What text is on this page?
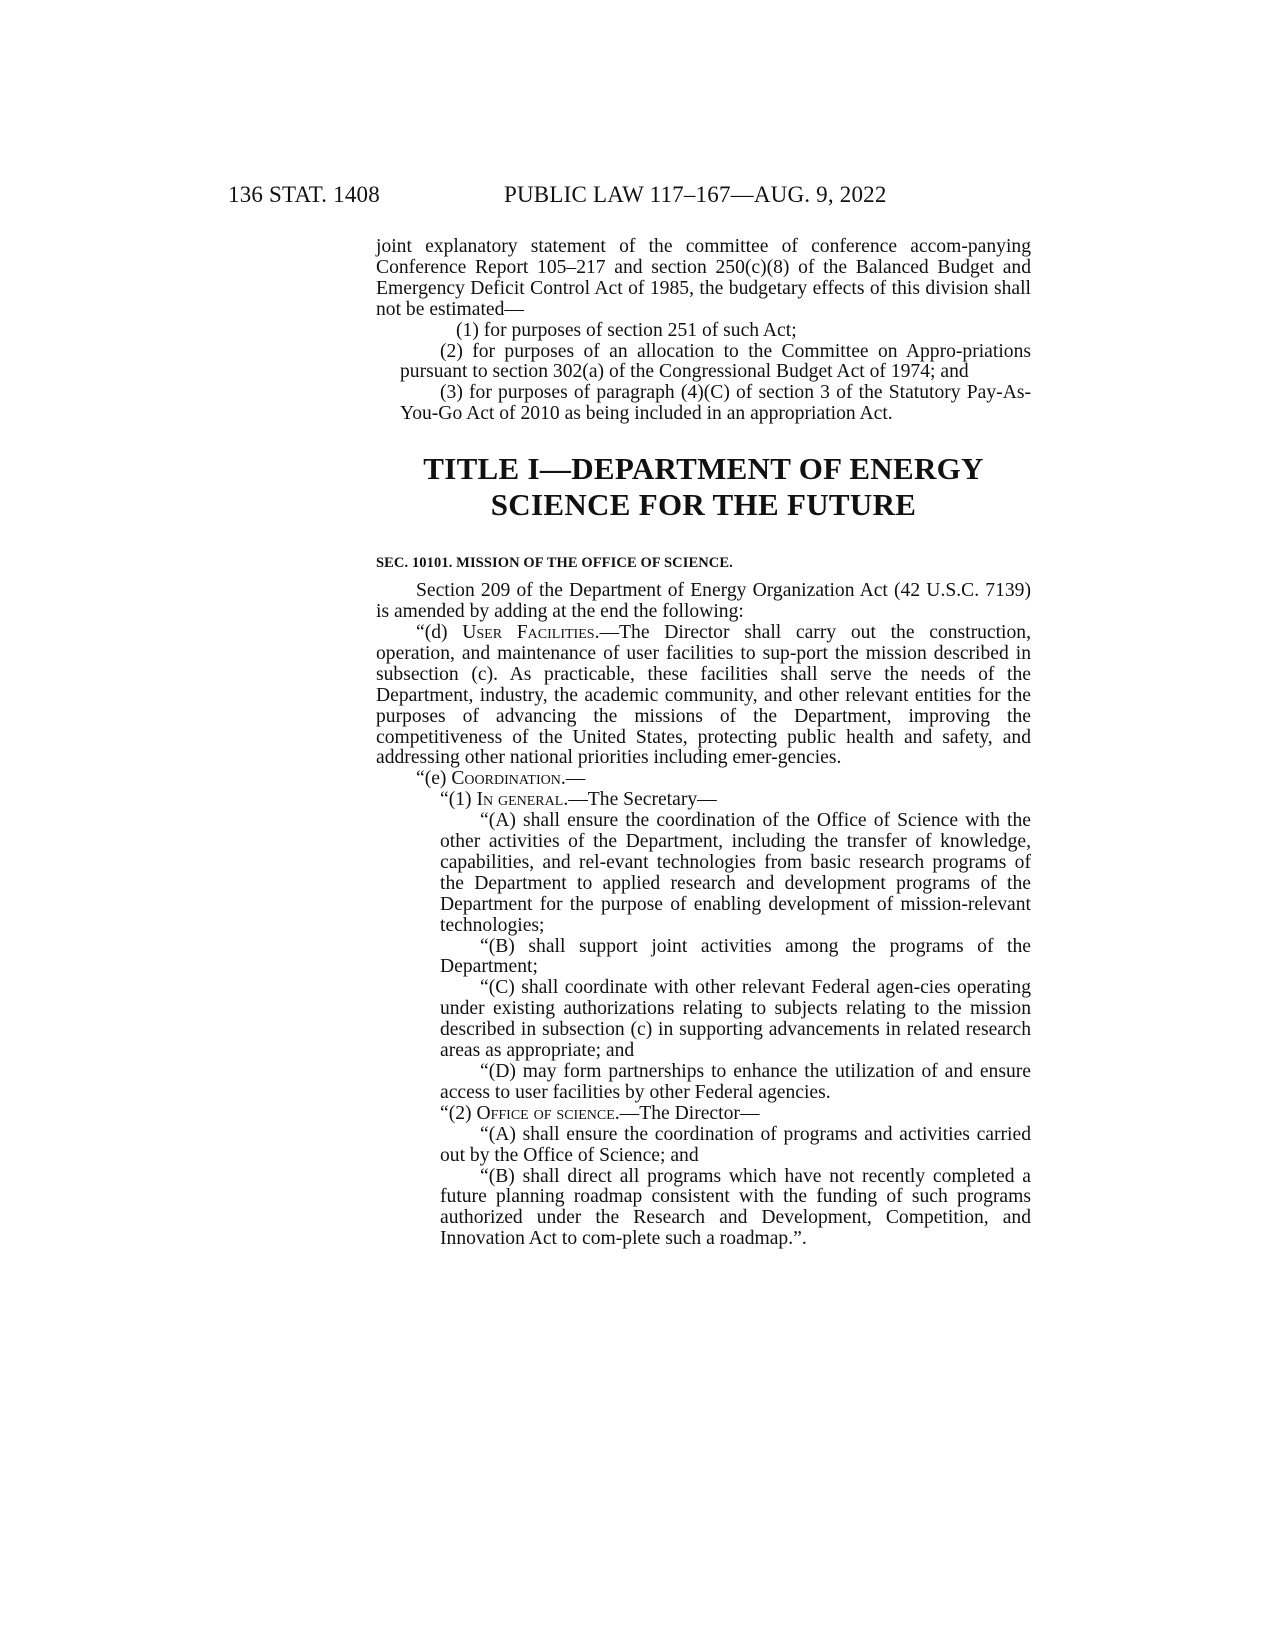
136 STAT. 1408	PUBLIC LAW 117–167—AUG. 9, 2022

joint explanatory statement of the committee of conference accom-panying Conference Report 105–217 and section 250(c)(8) of the Balanced Budget and Emergency Deficit Control Act of 1985, the budgetary effects of this division shall not be estimated—

(1) for purposes of section 251 of such Act;

(2) for purposes of an allocation to the Committee on Appro-priations pursuant to section 302(a) of the Congressional Budget Act of 1974; and

(3) for purposes of paragraph (4)(C) of section 3 of the Statutory Pay-As-You-Go Act of 2010 as being included in an appropriation Act.

TITLE I—DEPARTMENT OF ENERGY
SCIENCE FOR THE FUTURE
SEC. 10101. MISSION OF THE OFFICE OF SCIENCE.

Section 209 of the Department of Energy Organization Act (42 U.S.C. 7139) is amended by adding at the end the following:

“(d) User Facilities.—The Director shall carry out the construction, operation, and maintenance of user facilities to sup-port the mission described in subsection (c). As practicable, these facilities shall serve the needs of the Department, industry, the academic community, and other relevant entities for the purposes of advancing the missions of the Department, improving the competitiveness of the United States, protecting public health and safety, and addressing other national priorities including emer-gencies.

“(e) Coordination.—

“(1) In general.—The Secretary—

“(A) shall ensure the coordination of the Office of Science with the other activities of the Department, including the transfer of knowledge, capabilities, and rel-evant technologies from basic research programs of the Department to applied research and development programs of the Department for the purpose of enabling development of mission-relevant technologies;

“(B) shall support joint activities among the programs of the Department;

“(C) shall coordinate with other relevant Federal agen-cies operating under existing authorizations relating to subjects relating to the mission described in subsection (c) in supporting advancements in related research areas as appropriate; and

“(D) may form partnerships to enhance the utilization of and ensure access to user facilities by other Federal agencies.

“(2) Office of science.—The Director—

“(A) shall ensure the coordination of programs and activities carried out by the Office of Science; and

“(B) shall direct all programs which have not recently completed a future planning roadmap consistent with the funding of such programs authorized under the Research and Development, Competition, and Innovation Act to com-plete such a roadmap.”.
